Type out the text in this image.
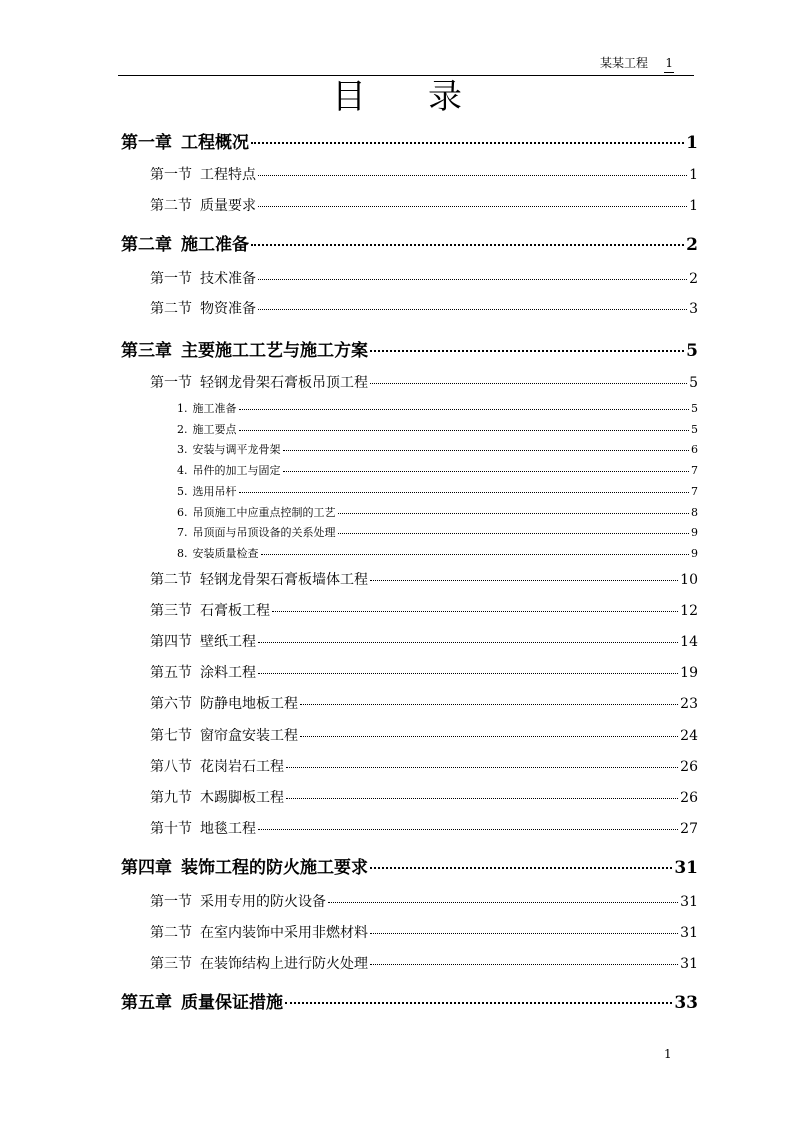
某某工程 1
目录
第一章 工程概况	1
第一节 工程特点	1
第二节 质量要求	1
第二章 施工准备	2
第一节 技术准备	2
第二节 物资准备	3
第三章 主要施工工艺与施工方案	5
第一节 轻钢龙骨架石膏板吊顶工程	5
1. 施工准备	5
2. 施工要点	5
3. 安装与调平龙骨架	6
4. 吊件的加工与固定	7
5. 选用吊杆	7
6. 吊顶施工中应重点控制的工艺	8
7. 吊顶面与吊顶设备的关系处理	9
8. 安装质量检查	9
第二节 轻钢龙骨架石膏板墙体工程	10
第三节 石膏板工程	12
第四节 壁纸工程	14
第五节 涂料工程	19
第六节 防静电地板工程	23
第七节 窗帘盒安装工程	24
第八节 花岗岩石工程	26
第九节 木踢脚板工程	26
第十节 地毯工程	27
第四章 装饰工程的防火施工要求	31
第一节 采用专用的防火设备	31
第二节 在室内装饰中采用非燃材料	31
第三节 在装饰结构上进行防火处理	31
第五章 质量保证措施	33
1
